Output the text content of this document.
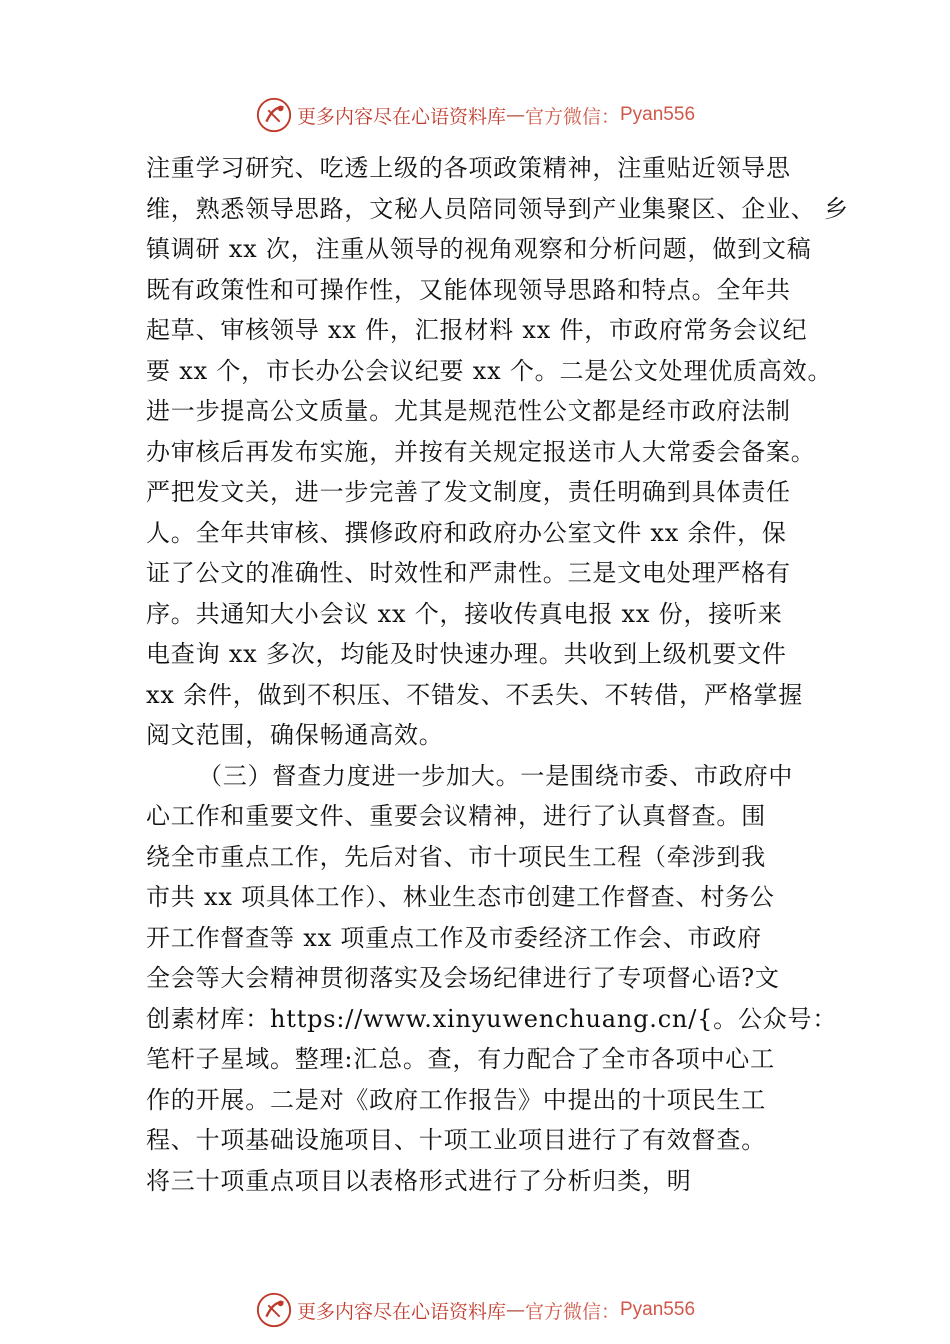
更多内容尽在心语资料库 — 官方微信： Pyan556
注重学习研究、吃透上级的各项政策精神，注重贴近领导思
维，熟悉领导思路，文秘人员陪同领导到产业集聚区、企业、 乡
镇调研 xx 次，注重从领导的视角观察和分析问题，做到文稿
既有政策性和可操作性，又能体现领导思路和特点。全年共
起草、审核领导 xx 件，汇报材料 xx 件，市政府常务会议纪
要 xx 个，市长办公会议纪要 xx 个。二是公文处理优质高效。
进一步提高公文质量。尤其是规范性公文都是经市政府法制
办审核后再发布实施，并按有关规定报送市人大常委会备案。
严把发文关，进一步完善了发文制度，责任明确到具体责任
人。全年共审核、撰修政府和政府办公室文件 xx 余件，保
证了公文的准确性、时效性和严肃性。三是文电处理严格有
序。共通知大小会议 xx 个，接收传真电报 xx 份，接听来
电查询 xx 多次，均能及时快速办理。共收到上级机要文件
xx 余件，做到不积压、不错发、不丢失、不转借，严格掌握
阅文范围，确保畅通高效。
（三）督查力度进一步加大。一是围绕市委、市政府中
心工作和重要文件、重要会议精神，进行了认真督查。围
绕全市重点工作，先后对省、市十项民生工程（牵涉到我
市共 xx 项具体工作）、林业生态市创建工作督查、村务公
开工作督查等 xx 项重点工作及市委经济工作会、市政府
全会等大会精神贯彻落实及会场纪律进行了专项督心语?文
创素材库：https://www.xinyuwenchuang.cn/{。公众号：
笔杆子星域。整理:汇总。查，有力配合了全市各项中心工
作的开展。二是对《政府工作报告》中提出的十项民生工
程、十项基础设施项目、十项工业项目进行了有效督查。
将三十项重点项目以表格形式进行了分析归类，明
更多内容尽在心语资料库 — 官方微信： Pyan556
